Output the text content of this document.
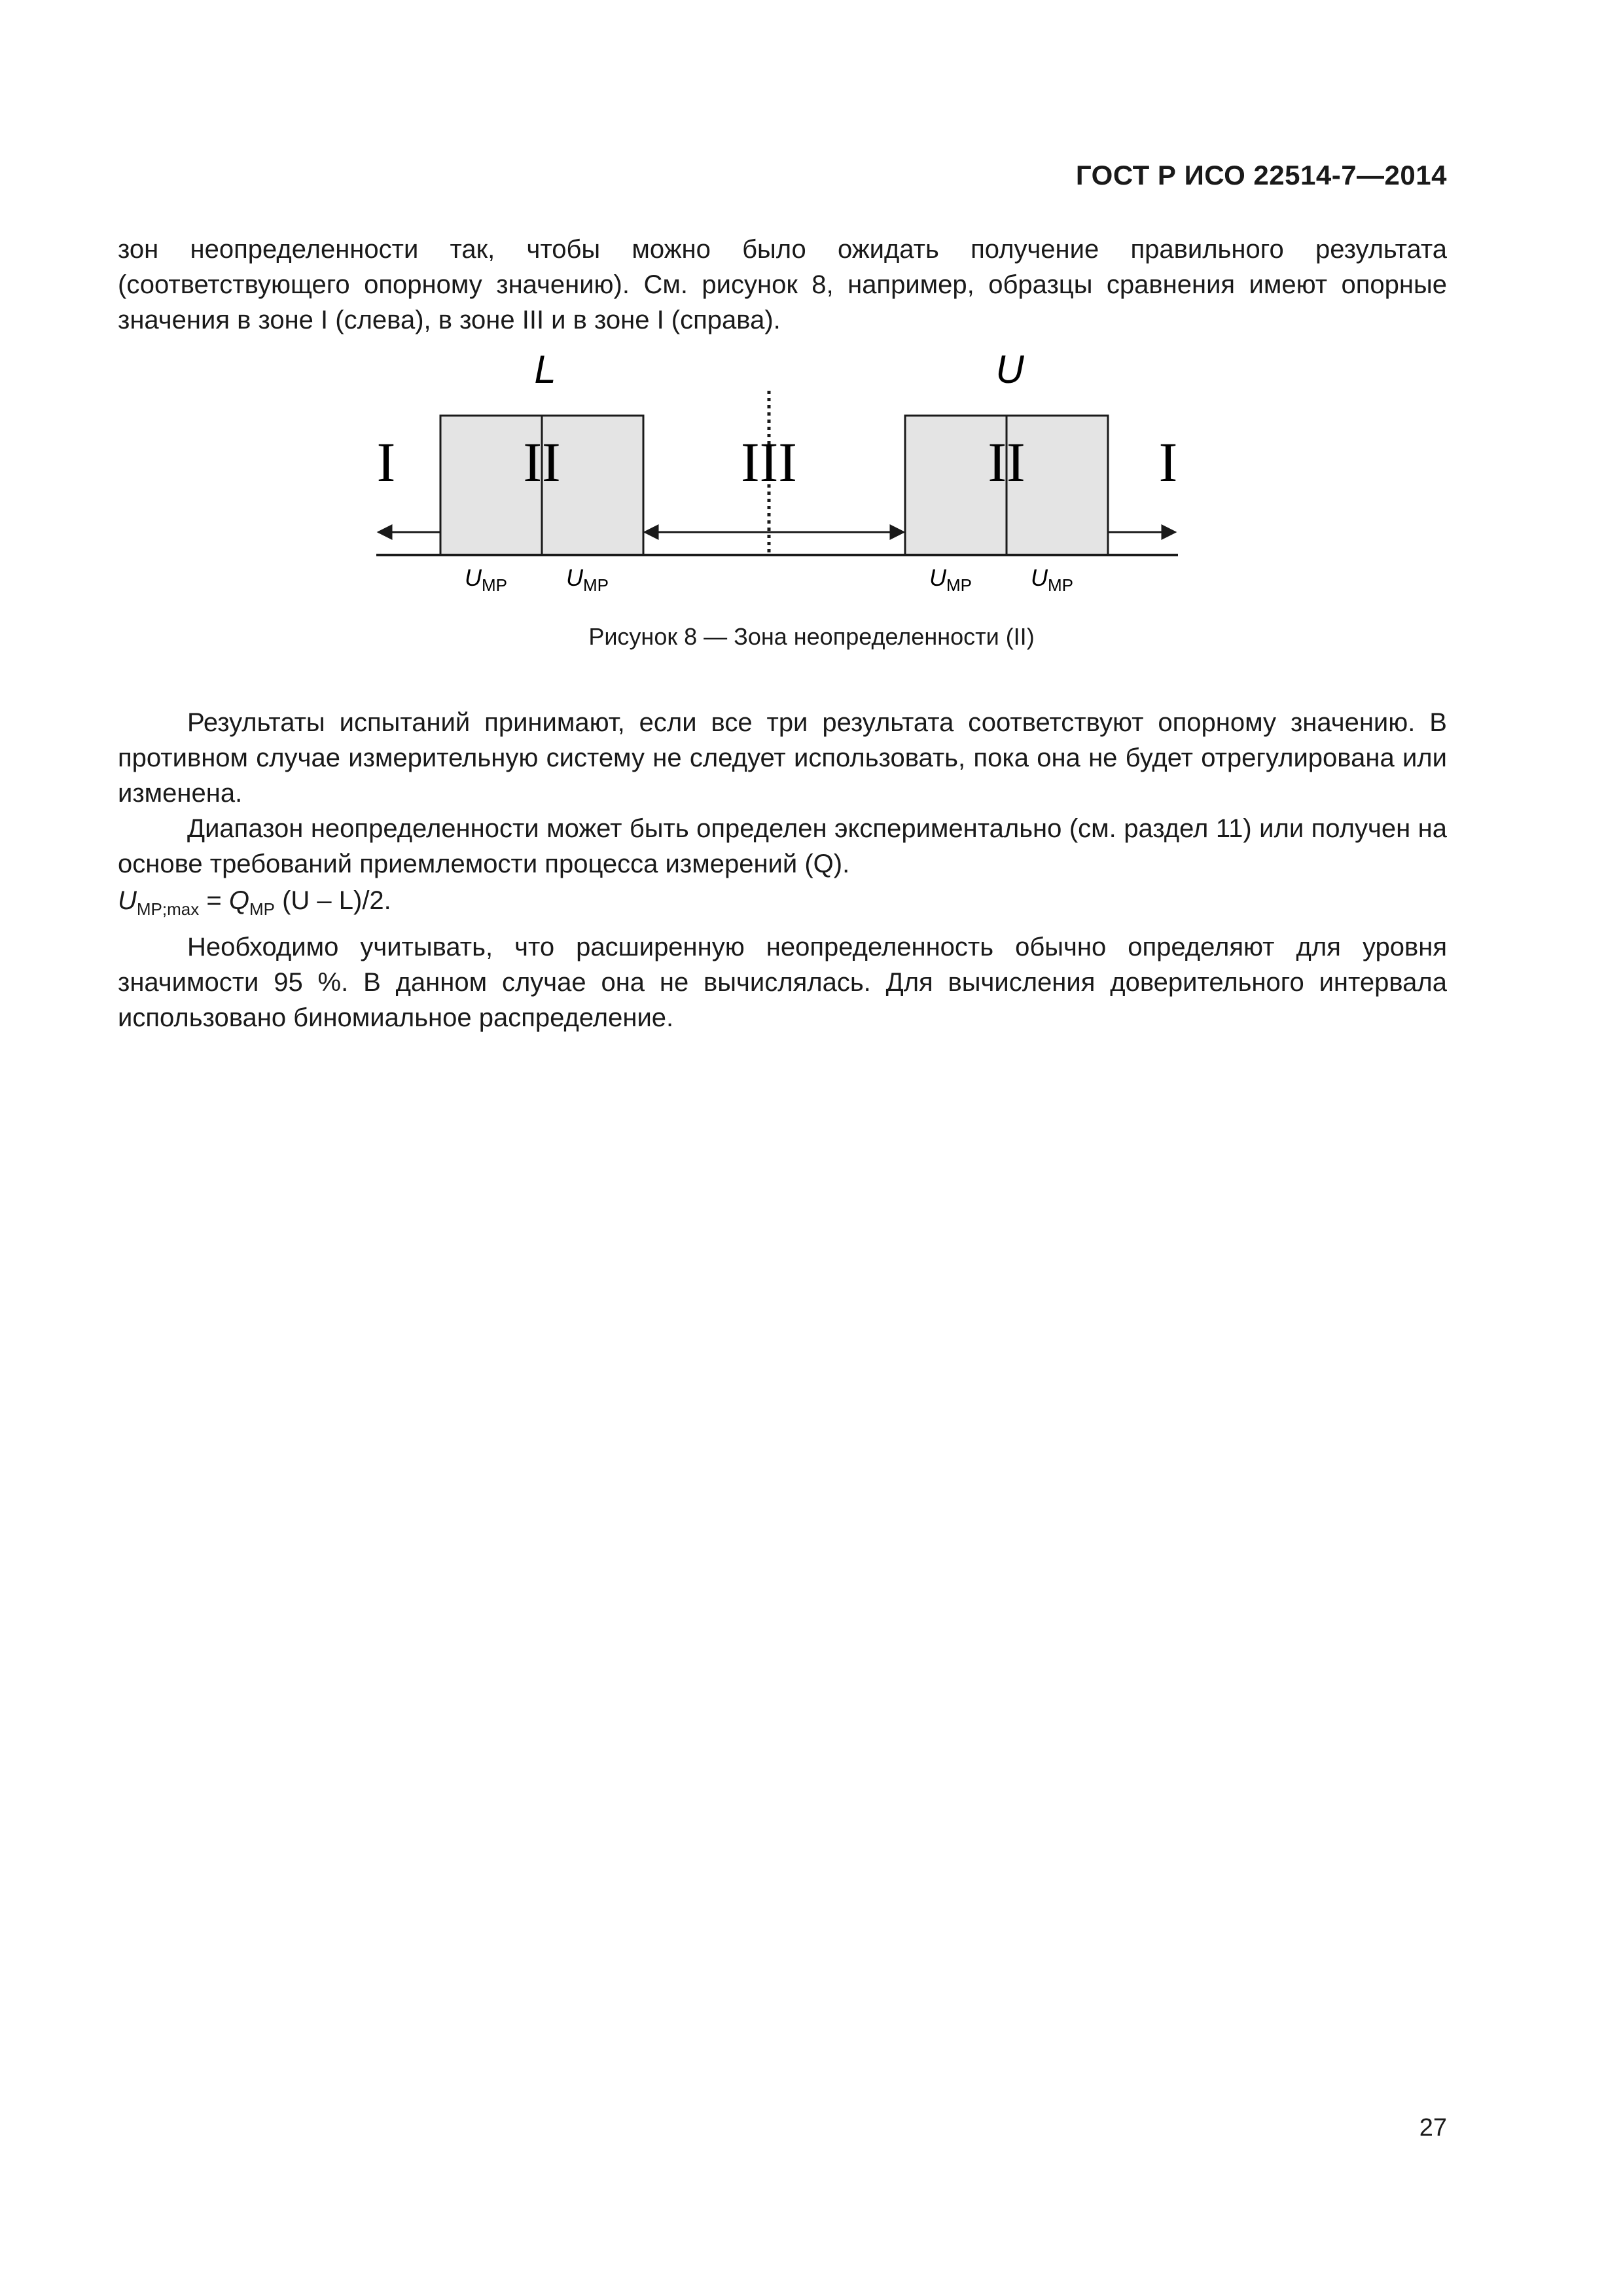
ГОСТ Р ИСО 22514-7—2014

зон неопределенности так, чтобы можно было ожидать получение правильного результата (соответствующего опорному значению). См. рисунок 8, например, образцы сравнения имеют опорные значения в зоне I (слева), в зоне III и в зоне I (справа).

L	U
I II	III	II I
$U_{MP}$	$U_{MP}$	$U_{MP}$	$U_{MP}$
Рисунок 8 — Зона неопределенности (II)

Результаты испытаний принимают, если все три результата соответствуют опорному значению. В противном случае измерительную систему не следует использовать, пока она не будет отрегулирована или изменена.

Диапазон неопределенности может быть определен экспериментально (см. раздел 11) или получен на основе требований приемлемости процесса измерений (Q).

$U_{MP;max} = Q_{MP}$ (U – L)/2.

Необходимо учитывать, что расширенную неопределенность обычно определяют для уровня значимости 95 %. В данном случае она не вычислялась. Для вычисления доверительного интервала использовано биномиальное распределение.

27
